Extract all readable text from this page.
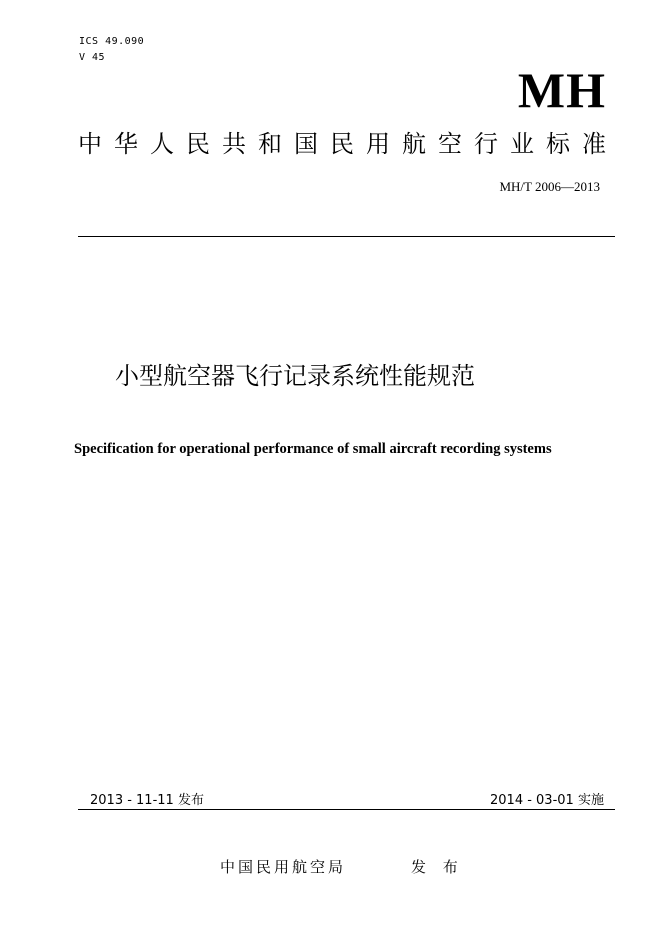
ICS 49.090
V 45
MH
中华人民共和国民用航空行业标准
MH/T 2006—2013
小型航空器飞行记录系统性能规范
Specification for operational performance of small aircraft recording systems
2013 - 11-11 发布	2014 - 03-01 实施
中国民用航空局	发 布
